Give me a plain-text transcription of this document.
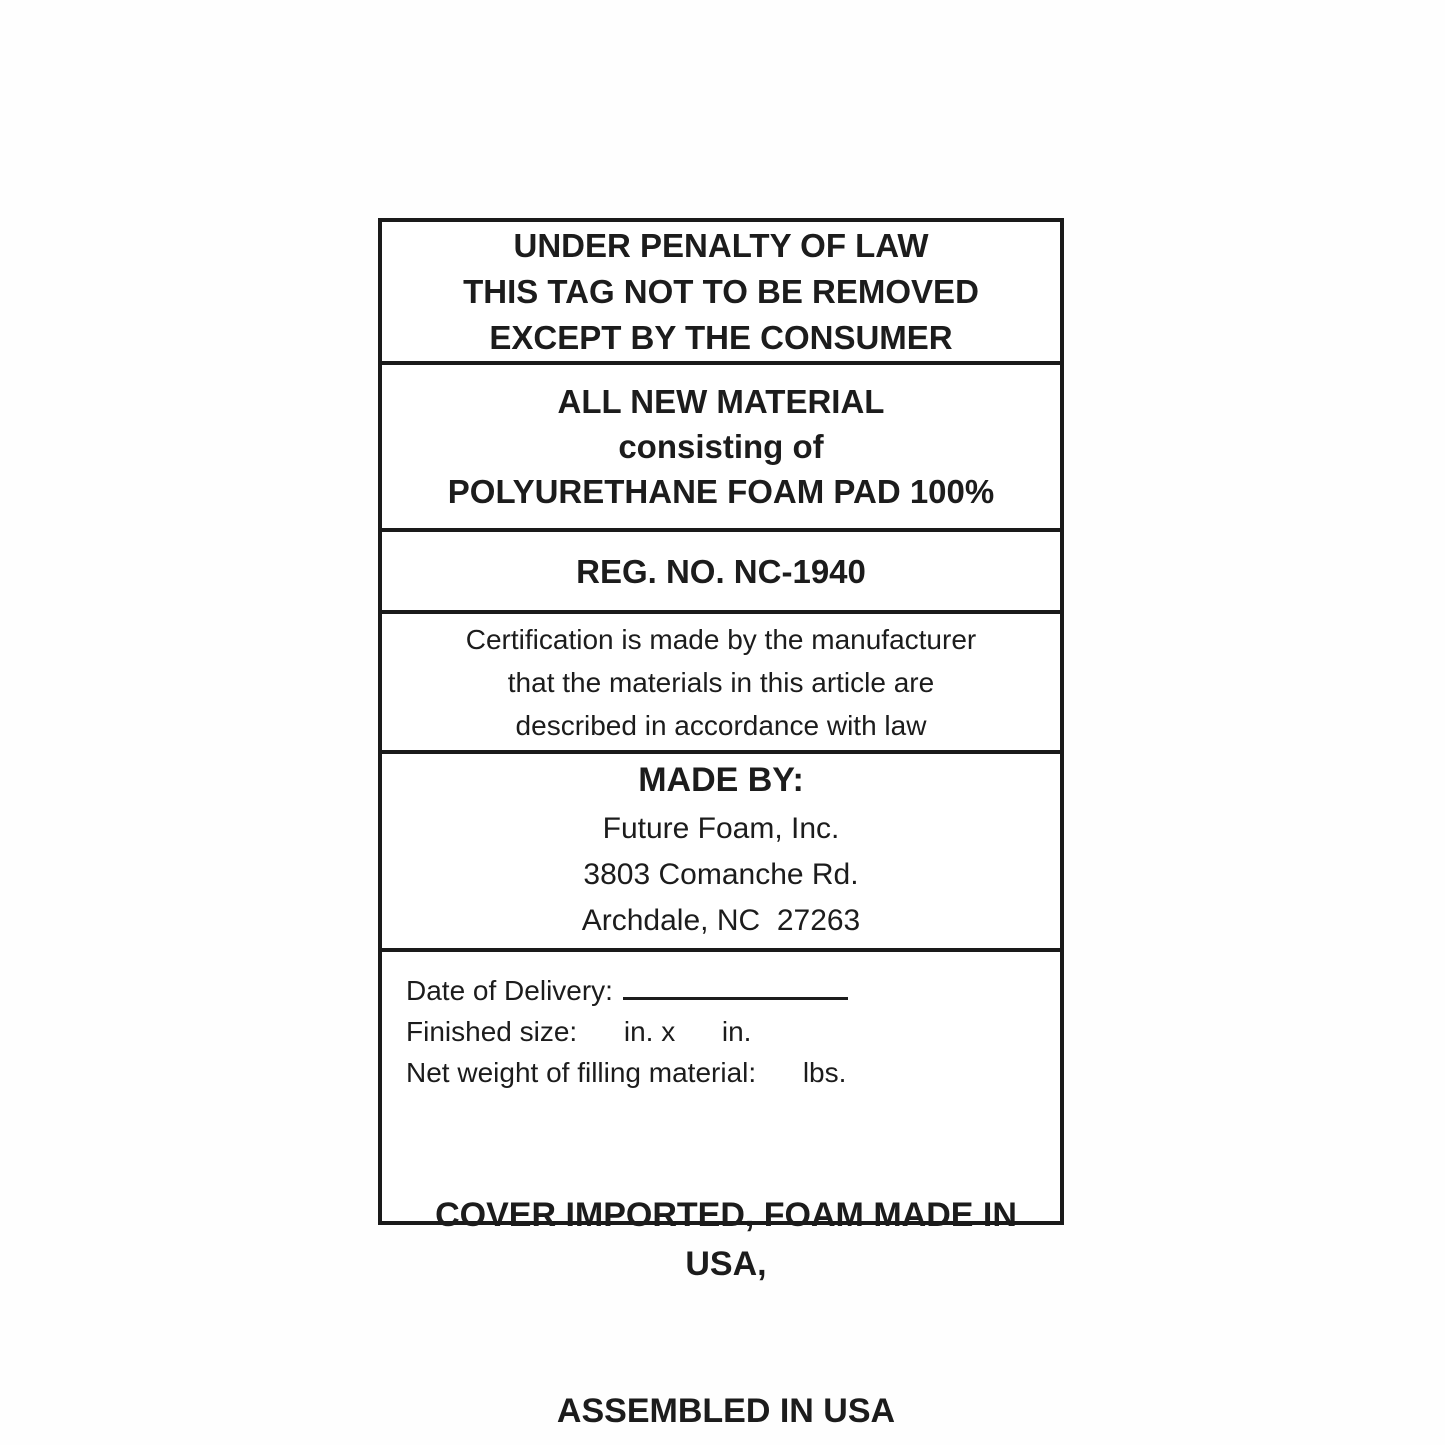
UNDER PENALTY OF LAW
THIS TAG NOT TO BE REMOVED
EXCEPT BY THE CONSUMER
ALL NEW MATERIAL
consisting of
POLYURETHANE FOAM PAD 100%
REG. NO. NC-1940
Certification is made by the manufacturer
that the materials in this article are
described in accordance with law
MADE BY:
Future Foam, Inc.
3803 Comanche Rd.
Archdale, NC  27263
Date of Delivery:
Finished size:      in. x      in.
Net weight of filling material:      lbs.

COVER IMPORTED, FOAM MADE IN USA,

ASSEMBLED IN USA
